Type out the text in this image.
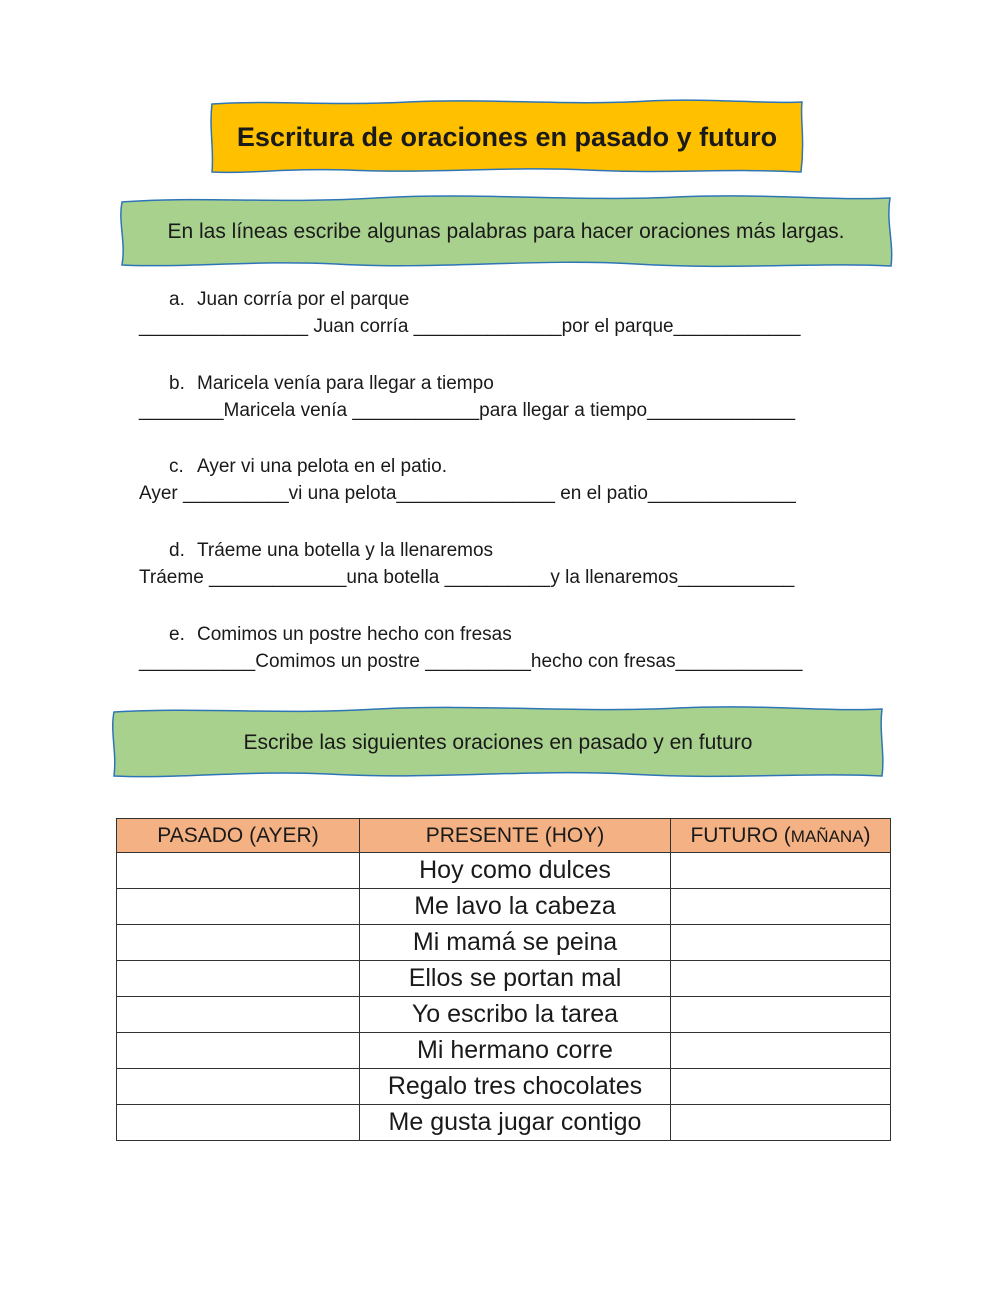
Escritura de oraciones en pasado y futuro
En las líneas escribe algunas palabras para hacer oraciones más largas.
a. Juan corría por el parque
________________ Juan corría ______________por el parque____________
b. Maricela venía para llegar a tiempo
________Maricela venía ____________para llegar a tiempo______________
c. Ayer vi una pelota en el patio.
Ayer __________vi una pelota_______________ en el patio______________
d. Tráeme una botella y la llenaremos
Tráeme _____________una botella __________y la llenaremos___________
e. Comimos un postre hecho con fresas
___________Comimos un postre __________hecho con fresas____________
Escribe las siguientes oraciones en pasado y en futuro
PASADO (AYER)	PRESENTE (HOY)	FUTURO (MAÑANA)
	Hoy como dulces	
	Me lavo la cabeza	
	Mi mamá se peina	
	Ellos se portan mal	
	Yo escribo la tarea	
	Mi hermano corre	
	Regalo tres chocolates	
	Me gusta jugar contigo	
